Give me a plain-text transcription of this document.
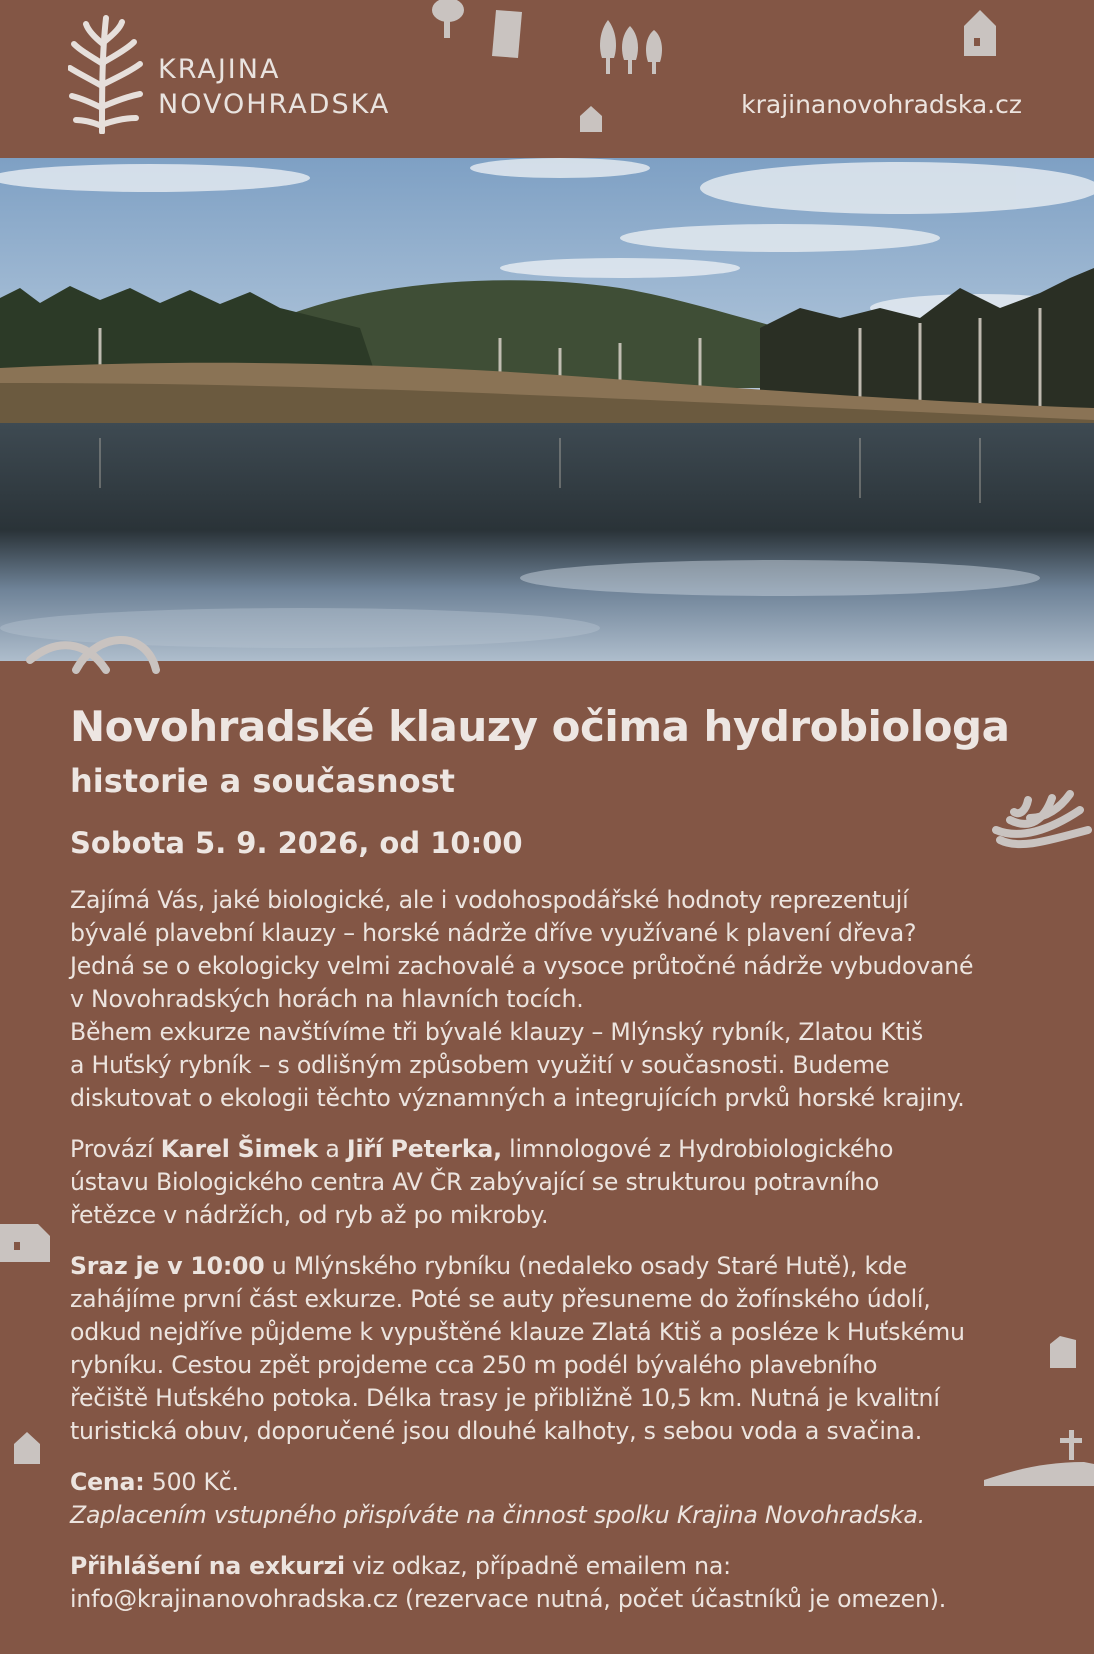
KRAJINA
NOVOHRADSKA	krajinanovohradska.cz
Novohradské klauzy očima hydrobiologa
historie a současnost
Sobota 5. 9. 2026, od 10:00
Zajímá Vás, jaké biologické, ale i vodohospodářské hodnoty reprezentují
bývalé plavební klauzy – horské nádrže dříve využívané k plavení dřeva?
Jedná se o ekologicky velmi zachovalé a vysoce průtočné nádrže vybudované
v Novohradských horách na hlavních tocích.
Během exkurze navštívíme tři bývalé klauzy – Mlýnský rybník, Zlatou Ktiš
a Huťský rybník – s odlišným způsobem využití v současnosti. Budeme
diskutovat o ekologii těchto významných a integrujících prvků horské krajiny.
Provází Karel Šimek a Jiří Peterka, limnologové z Hydrobiologického
ústavu Biologického centra AV ČR zabývající se strukturou potravního
řetězce v nádržích, od ryb až po mikroby.
Sraz je v 10:00 u Mlýnského rybníku (nedaleko osady Staré Hutě), kde
zahájíme první část exkurze. Poté se auty přesuneme do žofínského údolí,
odkud nejdříve půjdeme k vypuštěné klauze Zlatá Ktiš a posléze k Huťskému
rybníku. Cestou zpět projdeme cca 250 m podél bývalého plavebního
řečiště Huťského potoka. Délka trasy je přibližně 10,5 km. Nutná je kvalitní
turistická obuv, doporučené jsou dlouhé kalhoty, s sebou voda a svačina.
Cena: 500 Kč.
Zaplacením vstupného přispíváte na činnost spolku Krajina Novohradska.
Přihlášení na exkurzi viz odkaz, případně emailem na:
info@krajinanovohradska.cz (rezervace nutná, počet účastníků je omezen).
